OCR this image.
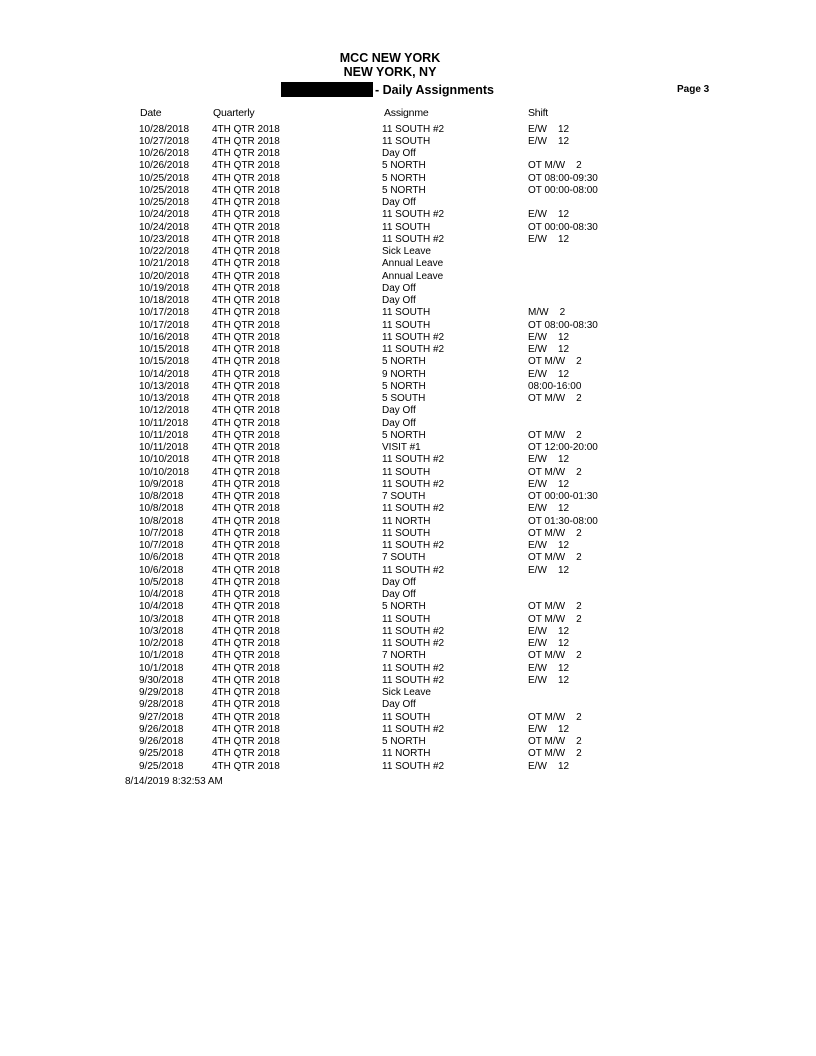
MCC NEW YORK
NEW YORK, NY
- Daily Assignments	Page 3
Date	Quarterly	Assignme	Shift
10/28/2018 4TH QTR 2018	11 SOUTH #2	E/W    12
10/27/2018 4TH QTR 2018	11 SOUTH	E/W    12
10/26/2018 4TH QTR 2018	Day Off
10/26/2018 4TH QTR 2018	5 NORTH	OT M/W    2
10/25/2018 4TH QTR 2018	5 NORTH	OT 08:00-09:30
10/25/2018 4TH QTR 2018	5 NORTH	OT 00:00-08:00
10/25/2018 4TH QTR 2018	Day Off
10/24/2018 4TH QTR 2018	11 SOUTH #2	E/W    12
10/24/2018 4TH QTR 2018	11 SOUTH	OT 00:00-08:30
10/23/2018 4TH QTR 2018	11 SOUTH #2	E/W    12
10/22/2018 4TH QTR 2018	Sick Leave
10/21/2018 4TH QTR 2018	Annual Leave
10/20/2018 4TH QTR 2018	Annual Leave
10/19/2018 4TH QTR 2018	Day Off
10/18/2018 4TH QTR 2018	Day Off
10/17/2018 4TH QTR 2018	11 SOUTH	M/W    2
10/17/2018 4TH QTR 2018	11 SOUTH	OT 08:00-08:30
10/16/2018 4TH QTR 2018	11 SOUTH #2	E/W    12
10/15/2018 4TH QTR 2018	11 SOUTH #2	E/W    12
10/15/2018 4TH QTR 2018	5 NORTH	OT M/W    2
10/14/2018 4TH QTR 2018	9 NORTH	E/W    12
10/13/2018 4TH QTR 2018	5 NORTH	08:00-16:00
10/13/2018 4TH QTR 2018	5 SOUTH	OT M/W    2
10/12/2018 4TH QTR 2018	Day Off
10/11/2018 4TH QTR 2018	Day Off
10/11/2018 4TH QTR 2018	5 NORTH	OT M/W    2
10/11/2018 4TH QTR 2018	VISIT #1	OT 12:00-20:00
10/10/2018 4TH QTR 2018	11 SOUTH #2	E/W    12
10/10/2018 4TH QTR 2018	11 SOUTH	OT M/W    2
10/9/2018	4TH QTR 2018	11 SOUTH #2	E/W    12
10/8/2018	4TH QTR 2018	7 SOUTH	OT 00:00-01:30
10/8/2018	4TH QTR 2018	11 SOUTH #2	E/W    12
10/8/2018	4TH QTR 2018	11 NORTH	OT 01:30-08:00
10/7/2018	4TH QTR 2018	11 SOUTH	OT M/W    2
10/7/2018	4TH QTR 2018	11 SOUTH #2	E/W    12
10/6/2018	4TH QTR 2018	7 SOUTH	OT M/W    2
10/6/2018	4TH QTR 2018	11 SOUTH #2	E/W    12
10/5/2018	4TH QTR 2018	Day Off
10/4/2018	4TH QTR 2018	Day Off
10/4/2018	4TH QTR 2018	5 NORTH	OT M/W    2
10/3/2018	4TH QTR 2018	11 SOUTH	OT M/W    2
10/3/2018	4TH QTR 2018	11 SOUTH #2	E/W    12
10/2/2018	4TH QTR 2018	11 SOUTH #2	E/W    12
10/1/2018	4TH QTR 2018	7 NORTH	OT M/W    2
10/1/2018	4TH QTR 2018	11 SOUTH #2	E/W    12
9/30/2018	4TH QTR 2018	11 SOUTH #2	E/W    12
9/29/2018	4TH QTR 2018	Sick Leave
9/28/2018	4TH QTR 2018	Day Off
9/27/2018	4TH QTR 2018	11 SOUTH	OT M/W    2
9/26/2018	4TH QTR 2018	11 SOUTH #2	E/W    12
9/26/2018	4TH QTR 2018	5 NORTH	OT M/W    2
9/25/2018	4TH QTR 2018	11 NORTH	OT M/W    2
9/25/2018	4TH QTR 2018	11 SOUTH #2	E/W    12
8/14/2019 8:32:53 AM
